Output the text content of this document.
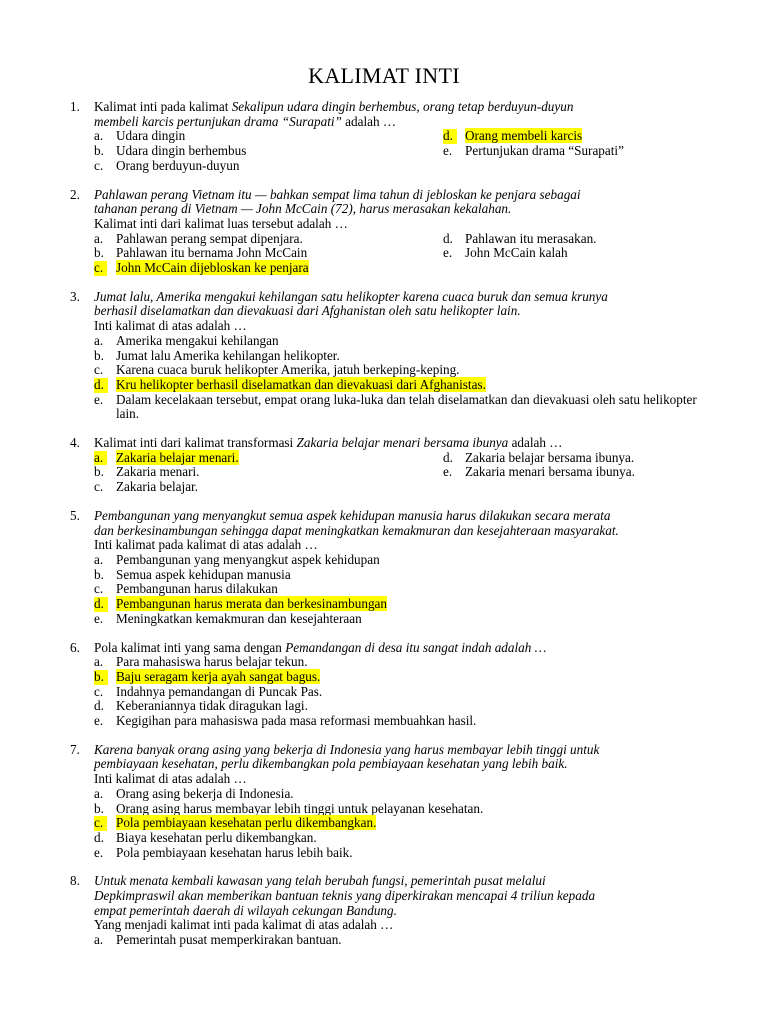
KALIMAT INTI
1. Kalimat inti pada kalimat Sekalipun udara dingin berhembus, orang tetap berduyun-duyun
membeli karcis pertunjukan drama “Surapati” adalah …
a. Udara dingin	d. Orang membeli karcis
b. Udara dingin berhembus	e. Pertunjukan drama “Surapati”
c. Orang berduyun-duyun
2. Pahlawan perang Vietnam itu — bahkan sempat lima tahun di jebloskan ke penjara sebagai
tahanan perang di Vietnam — John McCain (72), harus merasakan kekalahan.
Kalimat inti dari kalimat luas tersebut adalah …
a. Pahlawan perang sempat dipenjara.	d. Pahlawan itu merasakan.
b. Pahlawan itu bernama John McCain	e. John McCain kalah
c. John McCain dijebloskan ke penjara
3. Jumat lalu, Amerika mengakui kehilangan satu helikopter karena cuaca buruk dan semua krunya
berhasil diselamatkan dan dievakuasi dari Afghanistan oleh satu helikopter lain.
Inti kalimat di atas adalah …
a. Amerika mengakui kehilangan
b. Jumat lalu Amerika kehilangan helikopter.
c. Karena cuaca buruk helikopter Amerika, jatuh berkeping-keping.
d. Kru helikopter berhasil diselamatkan dan dievakuasi dari Afghanistas.
e. Dalam kecelakaan tersebut, empat orang luka-luka dan telah diselamatkan dan dievakuasi oleh satu helikopter lain.
4. Kalimat inti dari kalimat transformasi Zakaria belajar menari bersama ibunya adalah …
a. Zakaria belajar menari.	d. Zakaria belajar bersama ibunya.
b. Zakaria menari.	e. Zakaria menari bersama ibunya.
c. Zakaria belajar.
5. Pembangunan yang menyangkut semua aspek kehidupan manusia harus dilakukan secara merata
dan berkesinambungan sehingga dapat meningkatkan kemakmuran dan kesejahteraan masyarakat.
Inti kalimat pada kalimat di atas adalah …
a. Pembangunan yang menyangkut aspek kehidupan
b. Semua aspek kehidupan manusia
c. Pembangunan harus dilakukan
d. Pembangunan harus merata dan berkesinambungan
e. Meningkatkan kemakmuran dan kesejahteraan
6. Pola kalimat inti yang sama dengan Pemandangan di desa itu sangat indah adalah …
a. Para mahasiswa harus belajar tekun.
b. Baju seragam kerja ayah sangat bagus.
c. Indahnya pemandangan di Puncak Pas.
d. Keberaniannya tidak diragukan lagi.
e. Kegigihan para mahasiswa pada masa reformasi membuahkan hasil.
7. Karena banyak orang asing yang bekerja di Indonesia yang harus membayar lebih tinggi untuk
pembiayaan kesehatan, perlu dikembangkan pola pembiayaan kesehatan yang lebih baik.
Inti kalimat di atas adalah …
a. Orang asing bekerja di Indonesia.
b. Orang asing harus membayar lebih tinggi untuk pelayanan kesehatan.
c. Pola pembiayaan kesehatan perlu dikembangkan.
d. Biaya kesehatan perlu dikembangkan.
e. Pola pembiayaan kesehatan harus lebih baik.
8. Untuk menata kembali kawasan yang telah berubah fungsi, pemerintah pusat melalui
Depkimpraswil akan memberikan bantuan teknis yang diperkirakan mencapai 4 triliun kepada
empat pemerintah daerah di wilayah cekungan Bandung.
Yang menjadi kalimat inti pada kalimat di atas adalah …
a. Pemerintah pusat memperkirakan bantuan.
